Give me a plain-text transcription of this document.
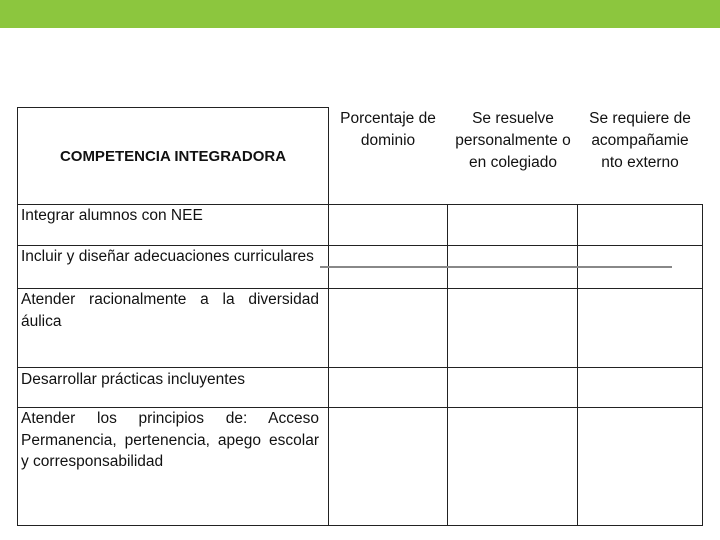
COMPETENCIA INTEGRADORA
Porcentaje de dominio
Se resuelve personalmente o en colegiado
Se requiere de acompañamie nto externo
Integrar alumnos con NEE
Incluir y diseñar adecuaciones curriculares
Atender racionalmente a la diversidad áulica
Desarrollar prácticas incluyentes
Atender los principios de: Acceso Permanencia, pertenencia, apego escolar y corresponsabilidad
